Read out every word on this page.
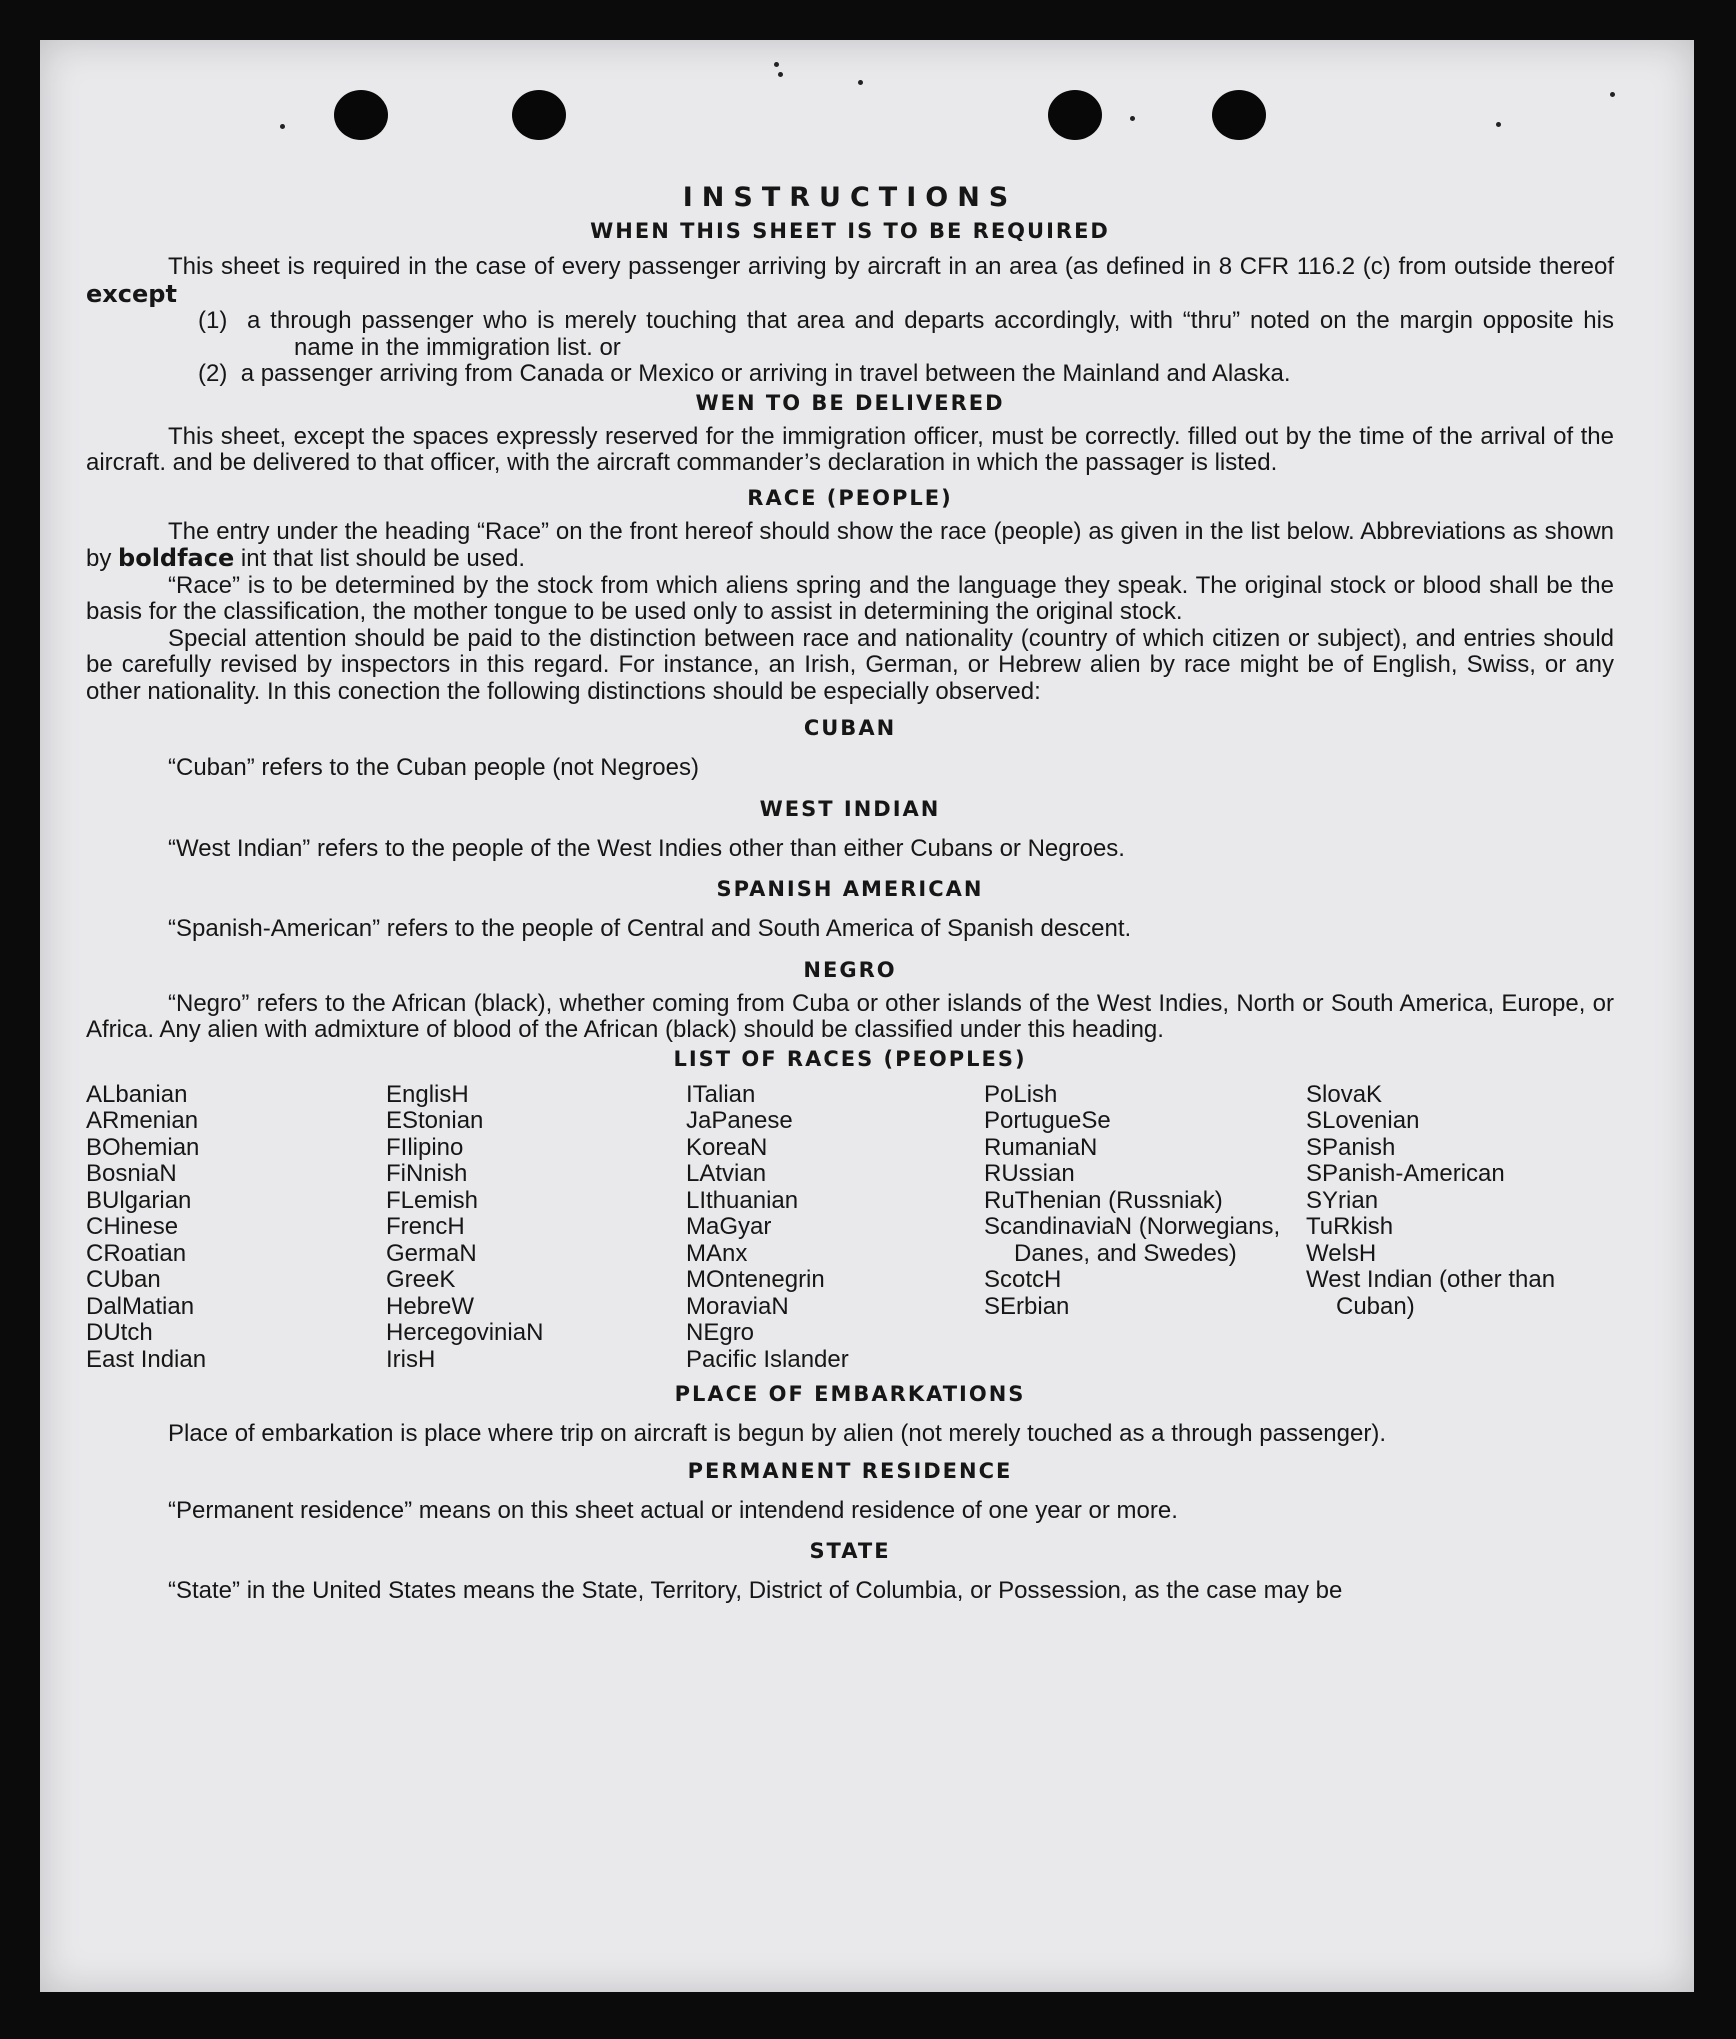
INSTRUCTIONS
WHEN THIS SHEET IS TO BE REQUIRED

This sheet is required in the case of every passenger arriving by aircraft in an area (as defined in 8 CFR 116.2 (c) from outside thereof except

(1) a through passenger who is merely touching that area and departs accordingly, with “thru” noted on the margin opposite his name in the immigration list. or
(2) a passenger arriving from Canada or Mexico or arriving in travel between the Mainland and Alaska.
WEN TO BE DELIVERED

This sheet, except the spaces expressly reserved for the immigration officer, must be correctly. filled out by the time of the arrival of the aircraft. and be delivered to that officer, with the aircraft commander’s declaration in which the passager is listed.

RACE (PEOPLE)

The entry under the heading “Race” on the front hereof should show the race (people) as given in the list below. Abbreviations as shown by boldface int that list should be used.

“Race” is to be determined by the stock from which aliens spring and the language they speak. The original stock or blood shall be the basis for the classification, the mother tongue to be used only to assist in determining the original stock.

Special attention should be paid to the distinction between race and nationality (country of which citizen or subject), and entries should be carefully revised by inspectors in this regard. For instance, an Irish, German, or Hebrew alien by race might be of English, Swiss, or any other nationality. In this conection the following distinctions should be especially observed:

CUBAN

“Cuban” refers to the Cuban people (not Negroes)

WEST INDIAN

“West Indian” refers to the people of the West Indies other than either Cubans or Negroes.

SPANISH AMERICAN

“Spanish-American” refers to the people of Central and South America of Spanish descent.

NEGRO

“Negro” refers to the African (black), whether coming from Cuba or other islands of the West Indies, North or South America, Europe, or Africa. Any alien with admixture of blood of the African (black) should be classified under this heading.

LIST OF RACES (PEOPLES)
ALbanian
ARmenian
BOhemian
BosniaN
BUlgarian
CHinese
CRoatian
CUban
DalMatian
DUtch
East Indian
EnglisH
EStonian
FIlipino
FiNnish
FLemish
FrencH
GermaN
GreeK
HebreW
HercegoviniaN
IrisH
ITalian
JaPanese
KoreaN
LAtvian
LIthuanian
MaGyar
MAnx
MOntenegrin
MoraviaN
NEgro
Pacific Islander
PoLish
PortugueSe
RumaniaN
RUssian
RuThenian (Russniak)
ScandinaviaN (Norwegians, Danes, and Swedes)
ScotcH
SErbian
SlovaK
SLovenian
SPanish
SPanish-American
SYrian
TuRkish
WelsH
West Indian (other than Cuban)
PLACE OF EMBARKATIONS

Place of embarkation is place where trip on aircraft is begun by alien (not merely touched as a through passenger).

PERMANENT RESIDENCE

“Permanent residence” means on this sheet actual or intendend residence of one year or more.

STATE

“State” in the United States means the State, Territory, District of Columbia, or Possession, as the case may be
